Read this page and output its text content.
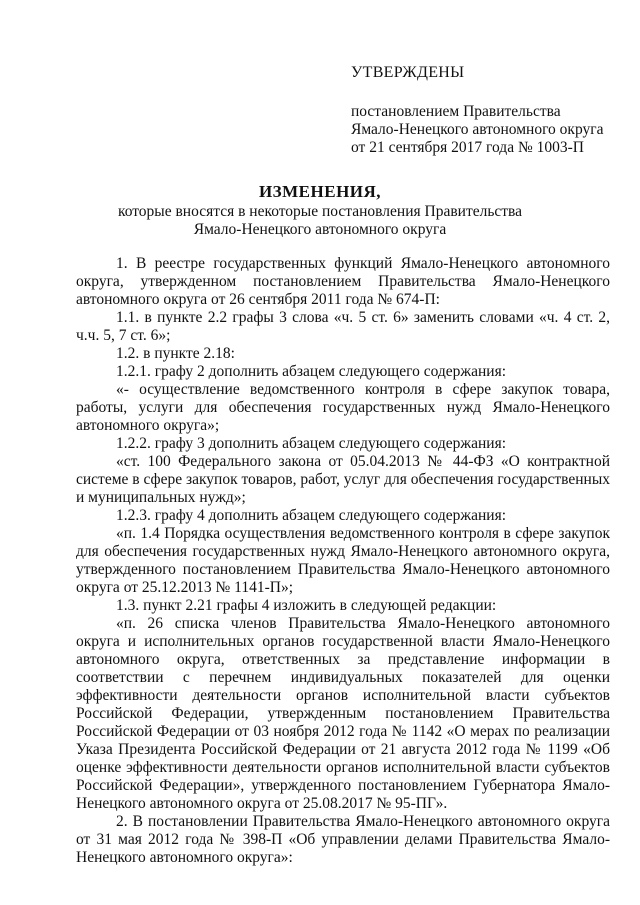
УТВЕРЖДЕНЫ
постановлением Правительства
Ямало-Ненецкого автономного округа
от 21 сентября 2017 года № 1003-П
ИЗМЕНЕНИЯ,
которые вносятся в некоторые постановления Правительства
Ямало-Ненецкого автономного округа

1. В реестре государственных функций Ямало-Ненецкого автономного округа, утвержденном постановлением Правительства Ямало-Ненецкого автономного округа от 26 сентября 2011 года № 674-П:

1.1. в пункте 2.2 графы 3 слова «ч. 5 ст. 6» заменить словами «ч. 4 ст. 2, ч.ч. 5, 7 ст. 6»;

1.2. в пункте 2.18:

1.2.1. графу 2 дополнить абзацем следующего содержания:

«- осуществление ведомственного контроля в сфере закупок товара, работы, услуги для обеспечения государственных нужд Ямало-Ненецкого автономного округа»;

1.2.2. графу 3 дополнить абзацем следующего содержания:

«ст. 100 Федерального закона от 05.04.2013 № 44-ФЗ «О контрактной системе в сфере закупок товаров, работ, услуг для обеспечения государственных и муниципальных нужд»;

1.2.3. графу 4 дополнить абзацем следующего содержания:

«п. 1.4 Порядка осуществления ведомственного контроля в сфере закупок для обеспечения государственных нужд Ямало-Ненецкого автономного округа, утвержденного постановлением Правительства Ямало-Ненецкого автономного округа от 25.12.2013 № 1141-П»;

1.3. пункт 2.21 графы 4 изложить в следующей редакции:

«п. 26 списка членов Правительства Ямало-Ненецкого автономного округа и исполнительных органов государственной власти Ямало-Ненецкого автономного округа, ответственных за представление информации в соответствии с перечнем индивидуальных показателей для оценки эффективности деятельности органов исполнительной власти субъектов Российской Федерации, утвержденным постановлением Правительства Российской Федерации от 03 ноября 2012 года № 1142 «О мерах по реализации Указа Президента Российской Федерации от 21 августа 2012 года № 1199 «Об оценке эффективности деятельности органов исполнительной власти субъектов Российской Федерации», утвержденного постановлением Губернатора Ямало-Ненецкого автономного округа от 25.08.2017 № 95-ПГ».

2. В постановлении Правительства Ямало-Ненецкого автономного округа от 31 мая 2012 года № 398-П «Об управлении делами Правительства Ямало-Ненецкого автономного округа»:
